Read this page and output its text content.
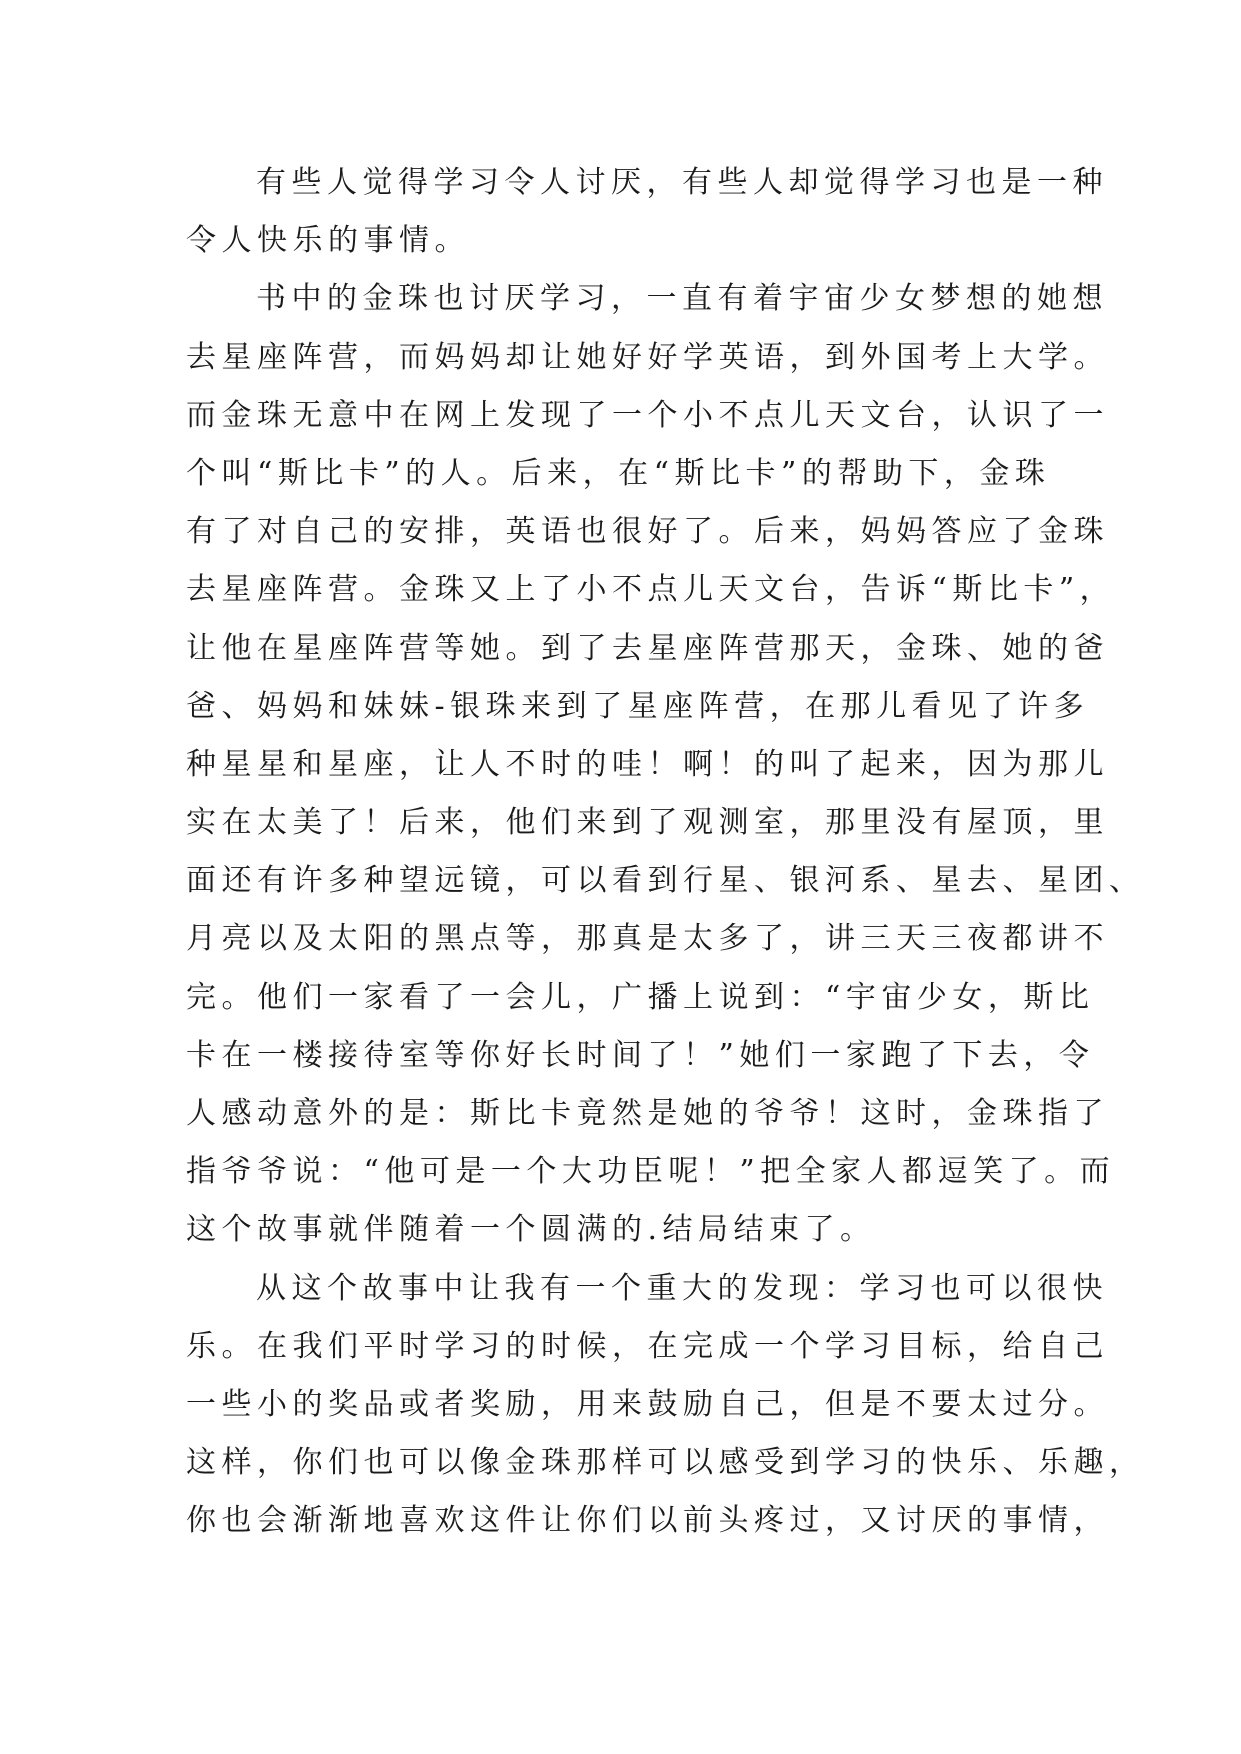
有些人觉得学习令人讨厌，有些人却觉得学习也是一种
令人快乐的事情。
书中的金珠也讨厌学习，一直有着宇宙少女梦想的她想
去星座阵营，而妈妈却让她好好学英语，到外国考上大学。
而金珠无意中在网上发现了一个小不点儿天文台，认识了一
个叫“斯比卡”的人。后来，在“斯比卡”的帮助下，金珠
有了对自己的安排，英语也很好了。后来，妈妈答应了金珠
去星座阵营。金珠又上了小不点儿天文台，告诉“斯比卡”，
让他在星座阵营等她。到了去星座阵营那天，金珠、她的爸
爸、妈妈和妹妹-银珠来到了星座阵营，在那儿看见了许多
种星星和星座，让人不时的哇！啊！的叫了起来，因为那儿
实在太美了！后来，他们来到了观测室，那里没有屋顶，里
面还有许多种望远镜，可以看到行星、银河系、星去、星团、
月亮以及太阳的黑点等，那真是太多了，讲三天三夜都讲不
完。他们一家看了一会儿，广播上说到：“宇宙少女，斯比
卡在一楼接待室等你好长时间了！”她们一家跑了下去，令
人感动意外的是：斯比卡竟然是她的爷爷！这时，金珠指了
指爷爷说：“他可是一个大功臣呢！”把全家人都逗笑了。而
这个故事就伴随着一个圆满的.结局结束了。
从这个故事中让我有一个重大的发现：学习也可以很快
乐。在我们平时学习的时候，在完成一个学习目标，给自己
一些小的奖品或者奖励，用来鼓励自己，但是不要太过分。
这样，你们也可以像金珠那样可以感受到学习的快乐、乐趣，
你也会渐渐地喜欢这件让你们以前头疼过，又讨厌的事情，
